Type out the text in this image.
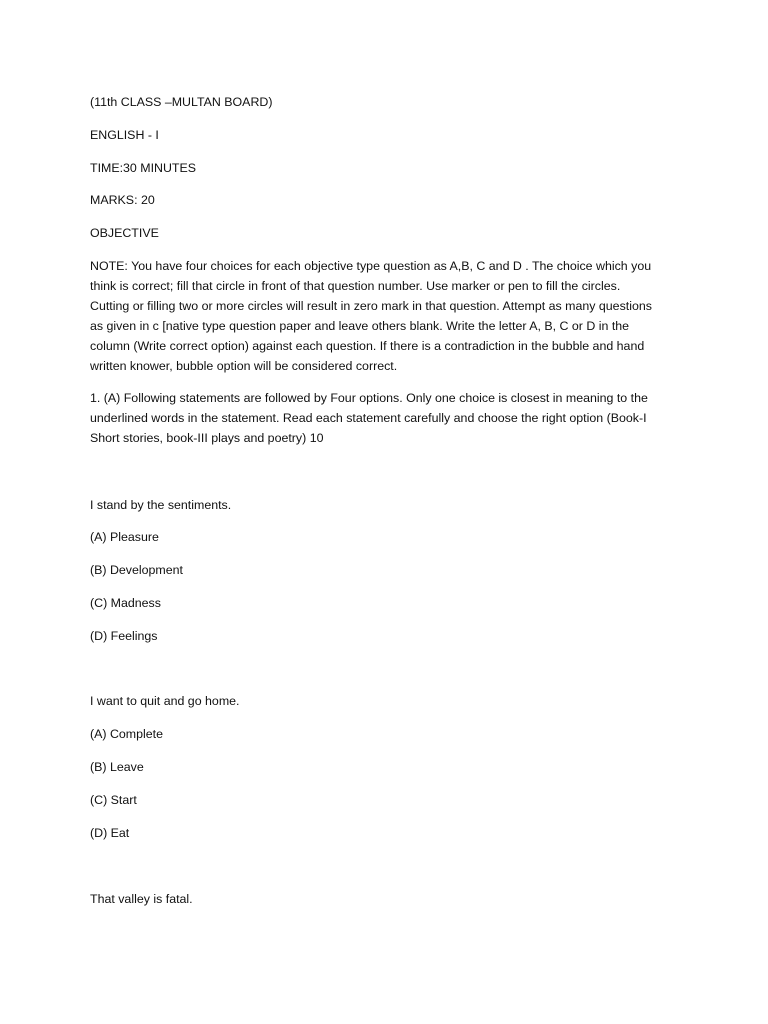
(11th CLASS –MULTAN BOARD)
ENGLISH - I
TIME:30 MINUTES
MARKS: 20
OBJECTIVE
NOTE: You have four choices for each objective type question as A,B, C and D . The choice which you
think is correct; fill that circle in front of that question number. Use marker or pen to fill the circles.
Cutting or filling two or more circles will result in zero mark in that question. Attempt as many questions
as given in c [native type question paper and leave others blank. Write the letter A, B, C or D in the
column (Write correct option) against each question. If there is a contradiction in the bubble and hand
written knower, bubble option will be considered correct.
1. (A) Following statements are followed by Four options. Only one choice is closest in meaning to the
underlined words in the statement. Read each statement carefully and choose the right option (Book-I
Short stories, book-III plays and poetry) 10
I stand by the sentiments.
(A) Pleasure
(B) Development
(C) Madness
(D) Feelings
I want to quit and go home.
(A) Complete
(B) Leave
(C) Start
(D) Eat
That valley is fatal.
